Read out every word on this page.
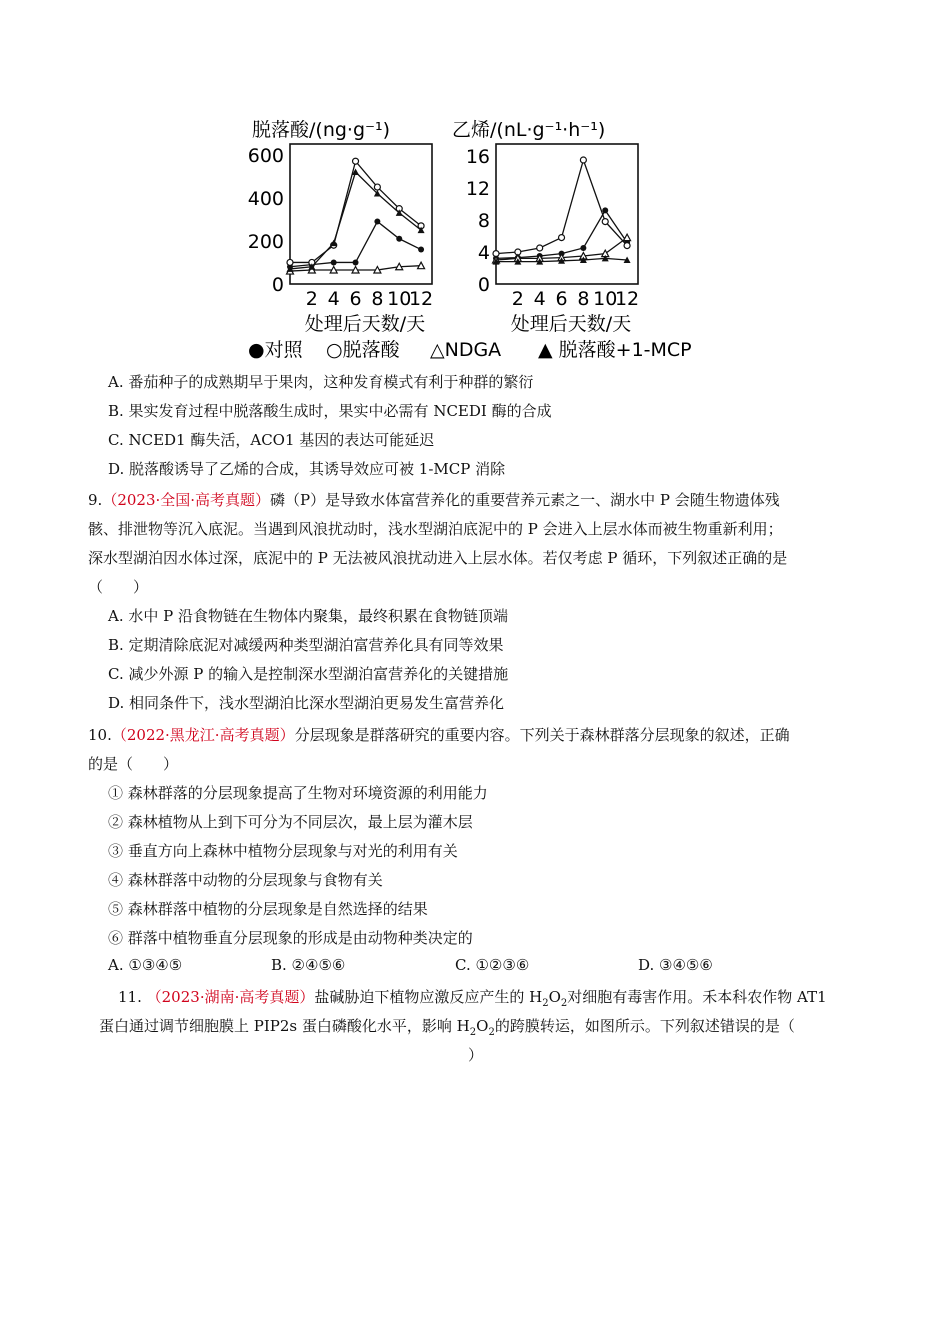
脱落酸/(ng·g⁻¹)
0
200
400
600
2 4 6 8 10
12
处理后天数/天
乙烯/(nL·g⁻¹·h⁻¹)
0
4
8
12
16
2 4 6 8 10
12
处理后天数/天
●对照 ○脱落酸 △NDGA ▲ 脱落酸+1-MCP
A. 番茄种子的成熟期早于果肉，这种发育模式有利于种群的繁衍
B. 果实发育过程中脱落酸生成时，果实中必需有 NCEDI 酶的合成
C. NCED1 酶失活，ACO1 基因的表达可能延迟
D. 脱落酸诱导了乙烯的合成，其诱导效应可被 1-MCP 消除
9.（2023·全国·高考真题）磷（P）是导致水体富营养化的重要营养元素之一、湖水中 P 会随生物遗体残
骸、排泄物等沉入底泥。当遇到风浪扰动时，浅水型湖泊底泥中的 P 会进入上层水体而被生物重新利用；
深水型湖泊因水体过深，底泥中的 P 无法被风浪扰动进入上层水体。若仅考虑 P 循环，下列叙述正确的是
（　　）
A. 水中 P 沿食物链在生物体内聚集，最终积累在食物链顶端
B. 定期清除底泥对减缓两种类型湖泊富营养化具有同等效果
C. 减少外源 P 的输入是控制深水型湖泊富营养化的关键措施
D. 相同条件下，浅水型湖泊比深水型湖泊更易发生富营养化
10.（2022·黑龙江·高考真题）分层现象是群落研究的重要内容。下列关于森林群落分层现象的叙述，正确
的是（　　）
① 森林群落的分层现象提高了生物对环境资源的利用能力
② 森林植物从上到下可分为不同层次，最上层为灌木层
③ 垂直方向上森林中植物分层现象与对光的利用有关
④ 森林群落中动物的分层现象与食物有关
⑤ 森林群落中植物的分层现象是自然选择的结果
⑥ 群落中植物垂直分层现象的形成是由动物种类决定的
A. ①③④⑤	B. ②④⑤⑥	C. ①②③⑥	D. ③④⑤⑥
11. （2023·湖南·高考真题）盐碱胁迫下植物应激反应产生的 $H_2O_2$对细胞有毒害作用。禾本科农作物 AT1
蛋白通过调节细胞膜上 PIP2s 蛋白磷酸化水平，影响 $H_2O_2$的跨膜转运，如图所示。下列叙述错误的是（
）
